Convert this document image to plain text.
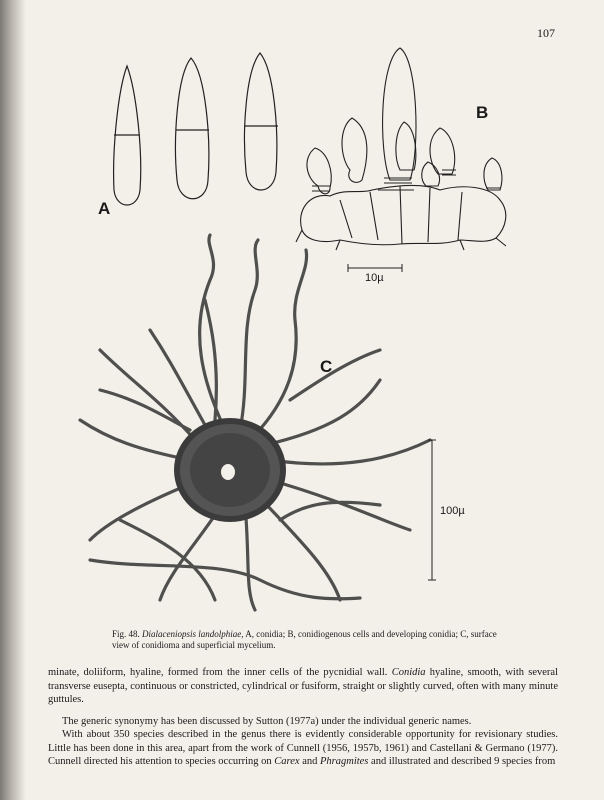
107
A
B
C
10µ
100µ
Fig. 48. Dialaceniopsis landolphiae, A, conidia; B, conidiogenous cells and developing conidia; C, surface view of conidioma and superficial mycelium.

minate, doliiform, hyaline, formed from the inner cells of the pycnidial wall. Conidia hyaline, smooth, with several transverse eusepta, continuous or constricted, cylindrical or fusiform, straight or slightly curved, often with many minute guttules.

The generic synonymy has been discussed by Sutton (1977a) under the individual generic names.

With about 350 species described in the genus there is evidently considerable opportunity for revisionary studies. Little has been done in this area, apart from the work of Cunnell (1956, 1957b, 1961) and Castellani & Germano (1977). Cunnell directed his attention to species occurring on Carex and Phragmites and illustrated and described 9 species from
